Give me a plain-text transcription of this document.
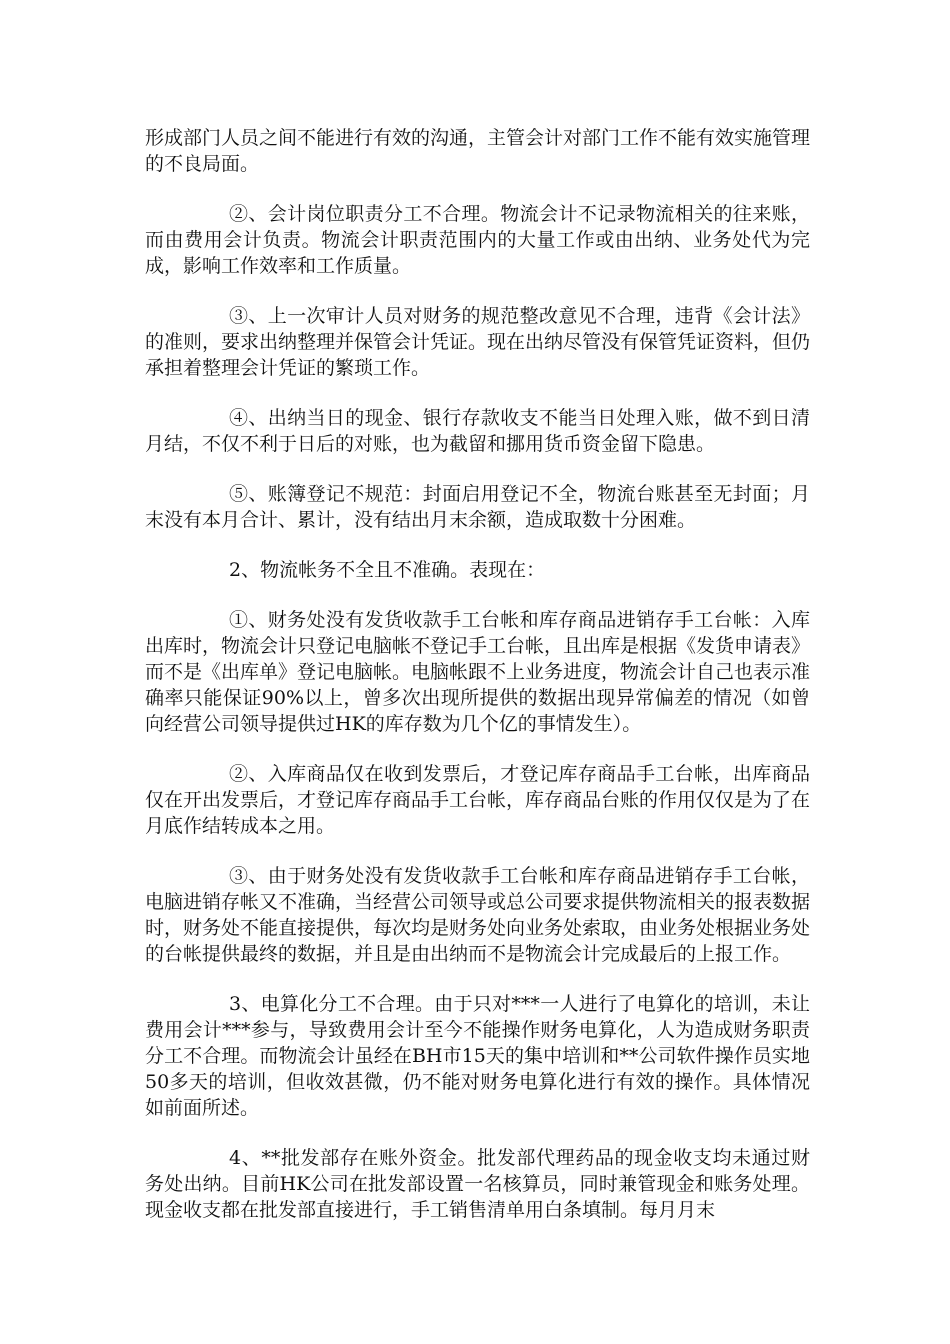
形成部门人员之间不能进行有效的沟通，主管会计对部门工作不能有效实施管理的不良局面。

②、会计岗位职责分工不合理。物流会计不记录物流相关的往来账，而由费用会计负责。物流会计职责范围内的大量工作或由出纳、业务处代为完成，影响工作效率和工作质量。

③、上一次审计人员对财务的规范整改意见不合理，违背《会计法》的准则，要求出纳整理并保管会计凭证。现在出纳尽管没有保管凭证资料，但仍承担着整理会计凭证的繁琐工作。

④、出纳当日的现金、银行存款收支不能当日处理入账，做不到日清月结，不仅不利于日后的对账，也为截留和挪用货币资金留下隐患。

⑤、账簿登记不规范：封面启用登记不全，物流台账甚至无封面；月末没有本月合计、累计，没有结出月末余额，造成取数十分困难。

2、物流帐务不全且不准确。表现在：

①、财务处没有发货收款手工台帐和库存商品进销存手工台帐：入库出库时，物流会计只登记电脑帐不登记手工台帐，且出库是根据《发货申请表》而不是《出库单》登记电脑帐。电脑帐跟不上业务进度，物流会计自己也表示准确率只能保证90%以上，曾多次出现所提供的数据出现异常偏差的情况（如曾向经营公司领导提供过HK的库存数为几个亿的事情发生）。

②、入库商品仅在收到发票后，才登记库存商品手工台帐，出库商品仅在开出发票后，才登记库存商品手工台帐，库存商品台账的作用仅仅是为了在月底作结转成本之用。

③、由于财务处没有发货收款手工台帐和库存商品进销存手工台帐，电脑进销存帐又不准确，当经营公司领导或总公司要求提供物流相关的报表数据时，财务处不能直接提供，每次均是财务处向业务处索取，由业务处根据业务处的台帐提供最终的数据，并且是由出纳而不是物流会计完成最后的上报工作。

3、电算化分工不合理。由于只对***一人进行了电算化的培训，未让费用会计***参与，导致费用会计至今不能操作财务电算化，人为造成财务职责分工不合理。而物流会计虽经在BH市15天的集中培训和**公司软件操作员实地50多天的培训，但收效甚微，仍不能对财务电算化进行有效的操作。具体情况如前面所述。

4、**批发部存在账外资金。批发部代理药品的现金收支均未通过财务处出纳。目前HK公司在批发部设置一名核算员，同时兼管现金和账务处理。现金收支都在批发部直接进行，手工销售清单用白条填制。每月月末
